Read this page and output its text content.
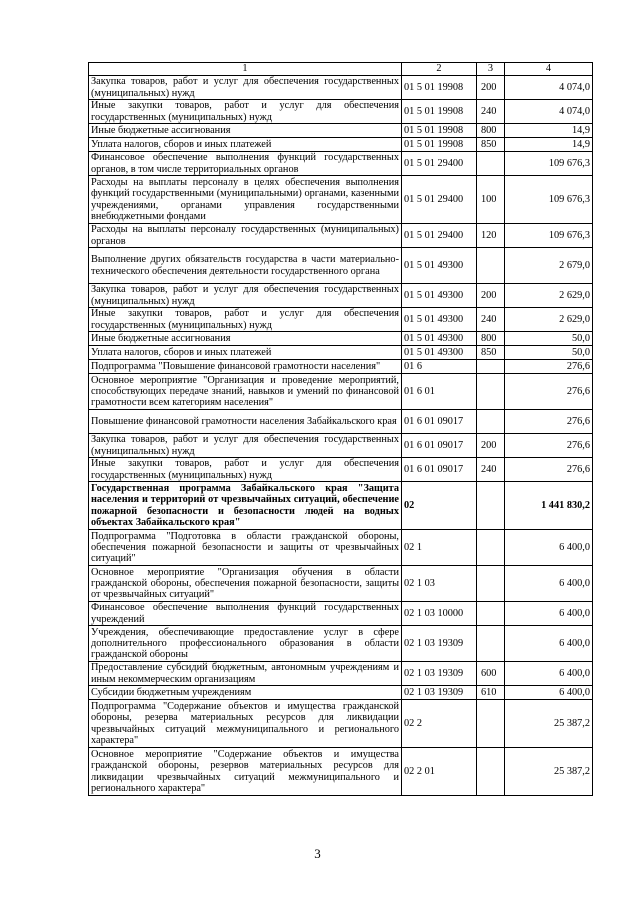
1	2	3	4
Закупка товаров, работ и услуг для обеспечения государственных (муниципальных) нужд	01 5 01 19908	200	4 074,0
Иные закупки товаров, работ и услуг для обеспечения государственных (муниципальных) нужд	01 5 01 19908	240	4 074,0
Иные бюджетные ассигнования	01 5 01 19908	800	14,9
Уплата налогов, сборов и иных платежей	01 5 01 19908	850	14,9
Финансовое обеспечение выполнения функций государственных органов, в том числе территориальных органов	01 5 01 29400		109 676,3
Расходы на выплаты персоналу в целях обеспечения выполнения функций государственными (муниципальными) органами, казенными учреждениями, органами управления государственными внебюджетными фондами	01 5 01 29400	100	109 676,3
Расходы на выплаты персоналу государственных (муниципальных) органов	01 5 01 29400	120	109 676,3
Выполнение других обязательств государства в части материально-технического обеспечения деятельности государственного органа	01 5 01 49300		2 679,0
Закупка товаров, работ и услуг для обеспечения государственных (муниципальных) нужд	01 5 01 49300	200	2 629,0
Иные закупки товаров, работ и услуг для обеспечения государственных (муниципальных) нужд	01 5 01 49300	240	2 629,0
Иные бюджетные ассигнования	01 5 01 49300	800	50,0
Уплата налогов, сборов и иных платежей	01 5 01 49300	850	50,0
Подпрограмма "Повышение финансовой грамотности населения"	01 6		276,6
Основное мероприятие "Организация и проведение мероприятий, способствующих передаче знаний, навыков и умений по финансовой грамотности всем категориям населения"	01 6 01		276,6
Повышение финансовой грамотности населения Забайкальского края	01 6 01 09017		276,6
Закупка товаров, работ и услуг для обеспечения государственных (муниципальных) нужд	01 6 01 09017	200	276,6
Иные закупки товаров, работ и услуг для обеспечения государственных (муниципальных) нужд	01 6 01 09017	240	276,6
Государственная программа Забайкальского края "Защита населения и территорий от чрезвычайных ситуаций, обеспечение пожарной безопасности и безопасности людей на водных объектах Забайкальского края"	02		1 441 830,2
Подпрограмма "Подготовка в области гражданской обороны, обеспечения пожарной безопасности и защиты от чрезвычайных ситуаций"	02 1		6 400,0
Основное мероприятие "Организация обучения в области гражданской обороны, обеспечения пожарной безопасности, защиты от чрезвычайных ситуаций"	02 1 03		6 400,0
Финансовое обеспечение выполнения функций государственных учреждений	02 1 03 10000		6 400,0
Учреждения, обеспечивающие предоставление услуг в сфере дополнительного профессионального образования в области гражданской обороны	02 1 03 19309		6 400,0
Предоставление субсидий бюджетным, автономным учреждениям и иным некоммерческим организациям	02 1 03 19309	600	6 400,0
Субсидии бюджетным учреждениям	02 1 03 19309	610	6 400,0
Подпрограмма "Содержание объектов и имущества гражданской обороны, резерва материальных ресурсов для ликвидации чрезвычайных ситуаций межмуниципального и регионального характера"	02 2		25 387,2
Основное мероприятие "Содержание объектов и имущества гражданской обороны, резервов материальных ресурсов для ликвидации чрезвычайных ситуаций межмуниципального и регионального характера"	02 2 01		25 387,2
3
